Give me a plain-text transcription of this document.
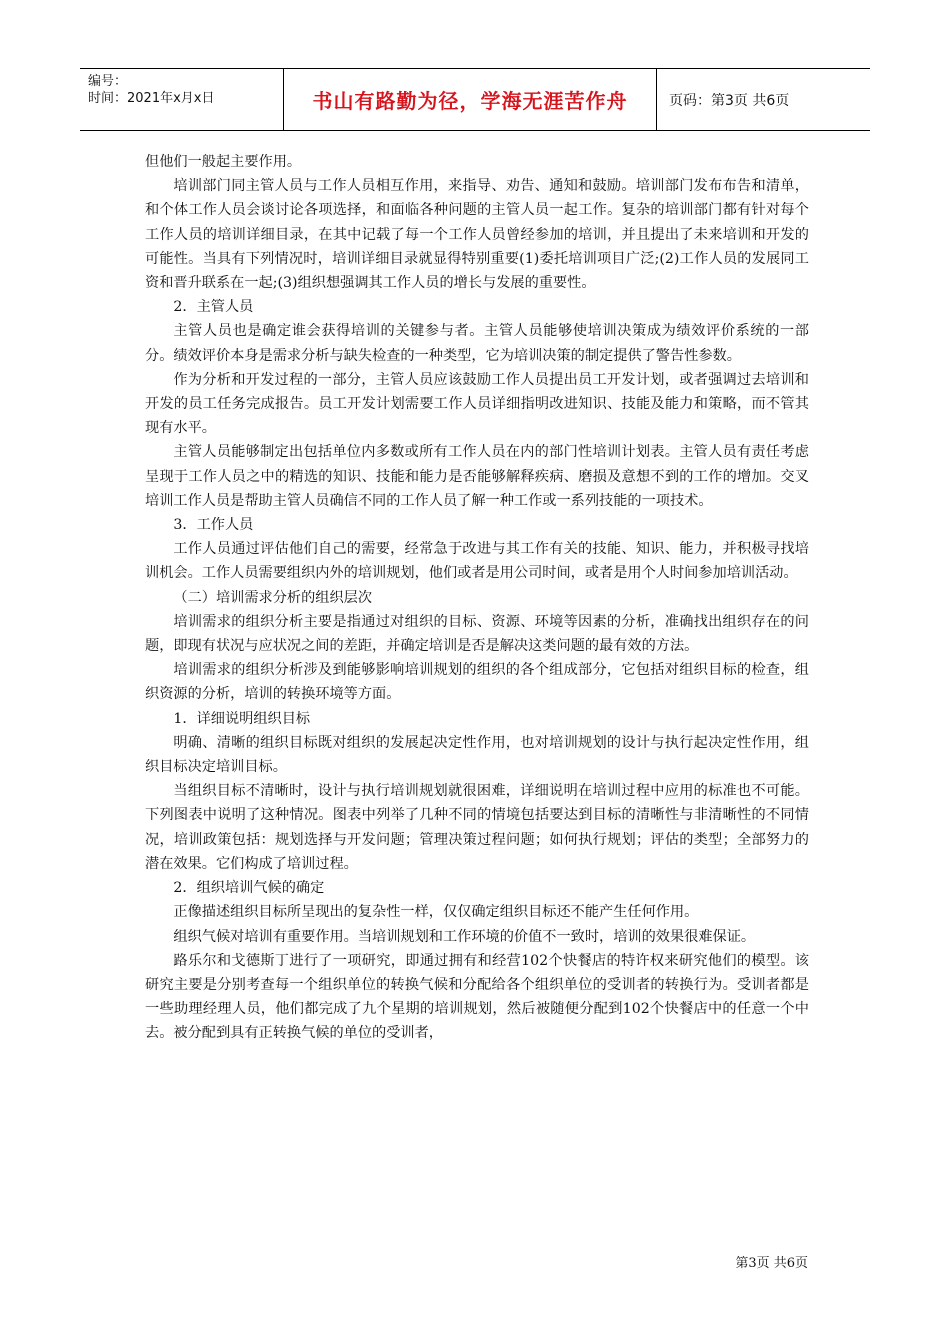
编号：
时间：2021年x月x日	书山有路勤为径，学海无涯苦作舟	页码：第3页 共6页

但他们一般起主要作用。

培训部门同主管人员与工作人员相互作用，来指导、劝告、通知和鼓励。培训部门发布布告和清单，和个体工作人员会谈讨论各项选择，和面临各种问题的主管人员一起工作。复杂的培训部门都有针对每个工作人员的培训详细目录，在其中记载了每一个工作人员曾经参加的培训，并且提出了未来培训和开发的可能性。当具有下列情况时，培训详细目录就显得特别重要(1)委托培训项目广泛;(2)工作人员的发展同工资和晋升联系在一起;(3)组织想强调其工作人员的增长与发展的重要性。

2．主管人员

主管人员也是确定谁会获得培训的关键参与者。主管人员能够使培训决策成为绩效评价系统的一部分。绩效评价本身是需求分析与缺失检查的一种类型，它为培训决策的制定提供了警告性参数。

作为分析和开发过程的一部分，主管人员应该鼓励工作人员提出员工开发计划，或者强调过去培训和开发的员工任务完成报告。员工开发计划需要工作人员详细指明改进知识、技能及能力和策略，而不管其现有水平。

主管人员能够制定出包括单位内多数或所有工作人员在内的部门性培训计划表。主管人员有责任考虑呈现于工作人员之中的精选的知识、技能和能力是否能够解释疾病、磨损及意想不到的工作的增加。交叉培训工作人员是帮助主管人员确信不同的工作人员了解一种工作或一系列技能的一项技术。

3．工作人员

工作人员通过评估他们自己的需要，经常急于改进与其工作有关的技能、知识、能力，并积极寻找培训机会。工作人员需要组织内外的培训规划，他们或者是用公司时间，或者是用个人时间参加培训活动。

（二）培训需求分析的组织层次

培训需求的组织分析主要是指通过对组织的目标、资源、环境等因素的分析，准确找出组织存在的问题，即现有状况与应状况之间的差距，并确定培训是否是解决这类问题的最有效的方法。

培训需求的组织分析涉及到能够影响培训规划的组织的各个组成部分，它包括对组织目标的检查，组织资源的分析，培训的转换环境等方面。

1．详细说明组织目标

明确、清晰的组织目标既对组织的发展起决定性作用，也对培训规划的设计与执行起决定性作用，组织目标决定培训目标。

当组织目标不清晰时，设计与执行培训规划就很困难，详细说明在培训过程中应用的标准也不可能。下列图表中说明了这种情况。图表中列举了几种不同的情境包括要达到目标的清晰性与非清晰性的不同情况，培训政策包括：规划选择与开发问题；管理决策过程问题；如何执行规划；评估的类型；全部努力的潜在效果。它们构成了培训过程。

2．组织培训气候的确定

正像描述组织目标所呈现出的复杂性一样，仅仅确定组织目标还不能产生任何作用。

组织气候对培训有重要作用。当培训规划和工作环境的价值不一致时，培训的效果很难保证。

路乐尔和戈德斯丁进行了一项研究，即通过拥有和经营102个快餐店的特许权来研究他们的模型。该研究主要是分别考查每一个组织单位的转换气候和分配给各个组织单位的受训者的转换行为。受训者都是一些助理经理人员，他们都完成了九个星期的培训规划，然后被随便分配到102个快餐店中的任意一个中去。被分配到具有正转换气候的单位的受训者，

第3页 共6页
